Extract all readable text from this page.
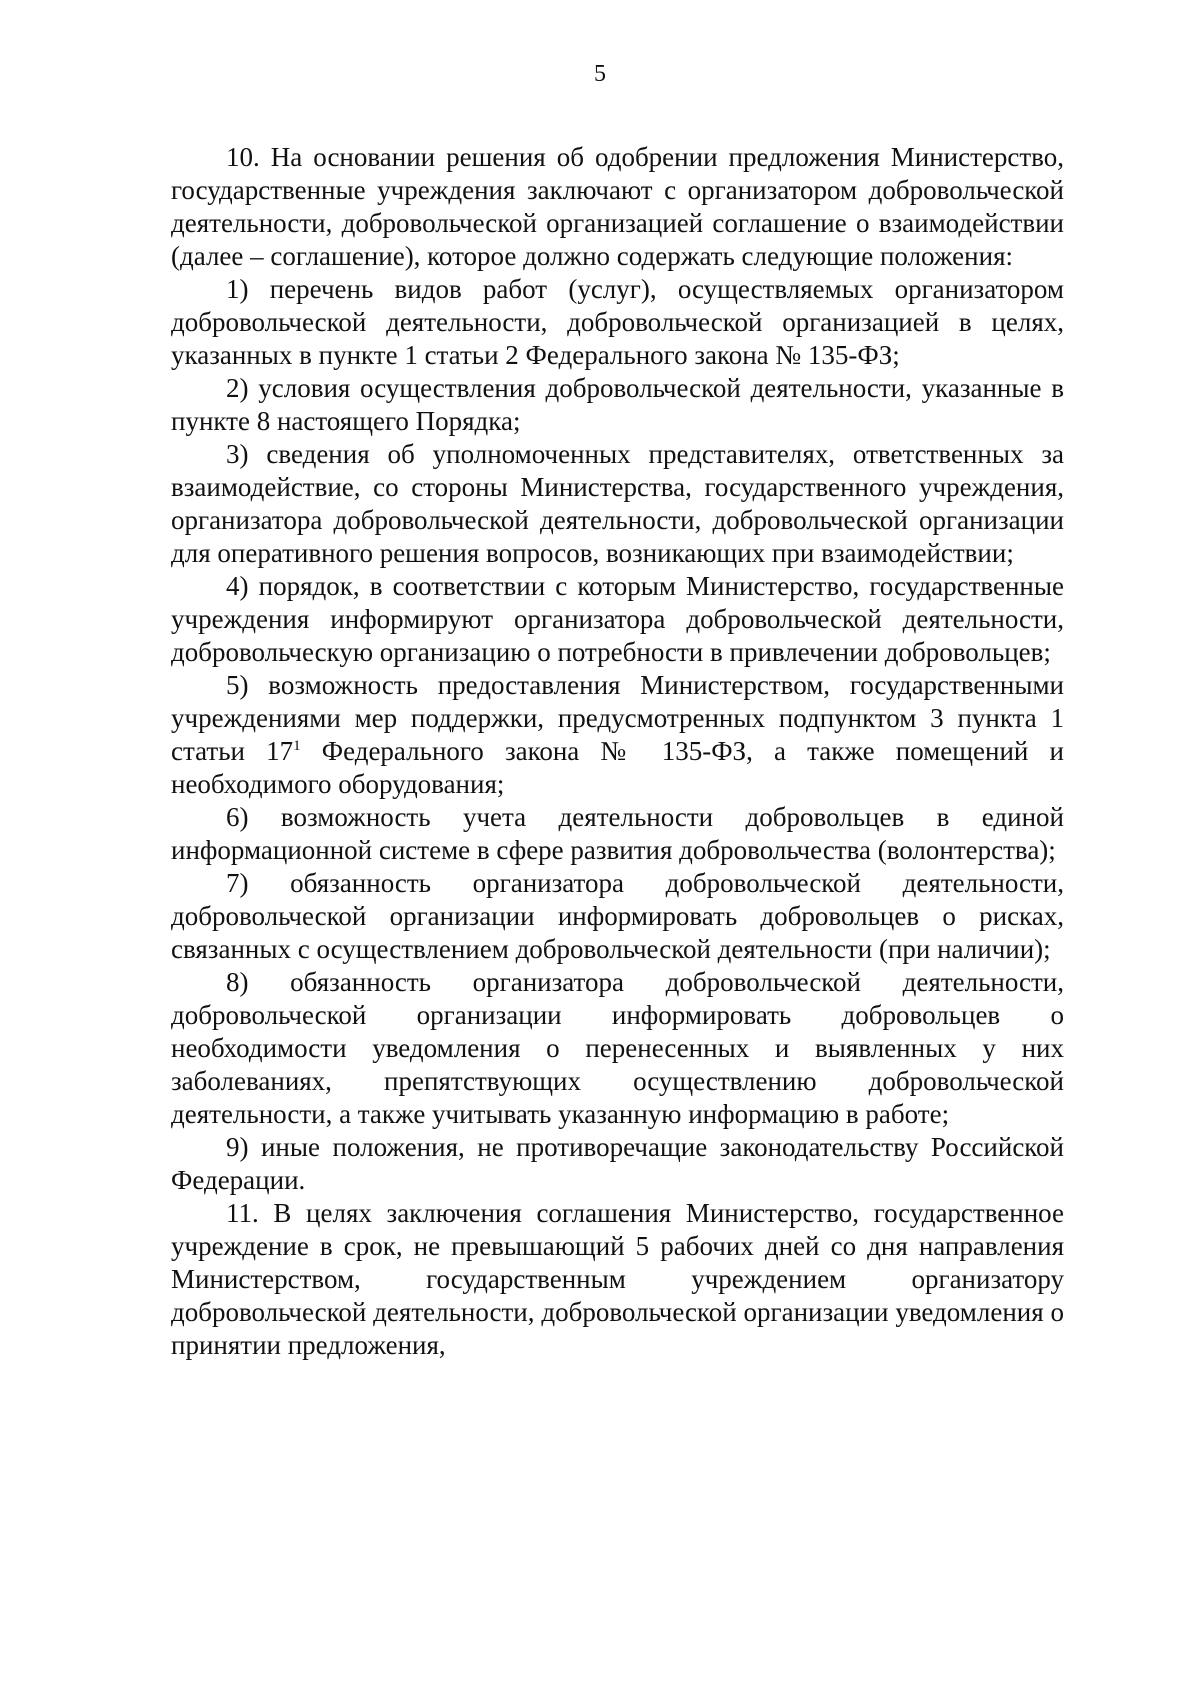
5

10. На основании решения об одобрении предложения Министерство, государственные учреждения заключают с организатором добровольческой деятельности, добровольческой организацией соглашение о взаимодействии (далее – соглашение), которое должно содержать следующие положения:

1) перечень видов работ (услуг), осуществляемых организатором добровольческой деятельности, добровольческой организацией в целях, указанных в пункте 1 статьи 2 Федерального закона № 135-ФЗ;

2) условия осуществления добровольческой деятельности, указанные в пункте 8 настоящего Порядка;

3) сведения об уполномоченных представителях, ответственных за взаимодействие, со стороны Министерства, государственного учреждения, организатора добровольческой деятельности, добровольческой организации для оперативного решения вопросов, возникающих при взаимодействии;

4) порядок, в соответствии с которым Министерство, государственные учреждения информируют организатора добровольческой деятельности, добровольческую организацию о потребности в привлечении добровольцев;

5) возможность предоставления Министерством, государственными учреждениями мер поддержки, предусмотренных подпунктом 3 пункта 1 статьи $17^1$ Федерального закона № 135-ФЗ, а также помещений и необходимого оборудования;

6) возможность учета деятельности добровольцев в единой информационной системе в сфере развития добровольчества (волонтерства);

7) обязанность организатора добровольческой деятельности, добровольческой организации информировать добровольцев о рисках, связанных с осуществлением добровольческой деятельности (при наличии);

8) обязанность организатора добровольческой деятельности, добровольческой организации информировать добровольцев о необходимости уведомления о перенесенных и выявленных у них заболеваниях, препятствующих осуществлению добровольческой деятельности, а также учитывать указанную информацию в работе;

9) иные положения, не противоречащие законодательству Российской Федерации.

11. В целях заключения соглашения Министерство, государственное учреждение в срок, не превышающий 5 рабочих дней со дня направления Министерством, государственным учреждением организатору добровольческой деятельности, добровольческой организации уведомления о принятии предложения,
